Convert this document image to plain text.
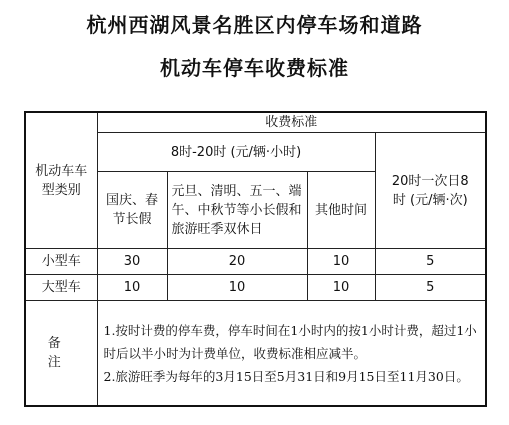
杭州西湖风景名胜区内停车场和道路
机动车停车收费标准
机动车车型类别	收费标准			
	8时-20时 (元/辆·小时)			20时一次日8时 (元/辆·次)
	国庆、春节长假	元旦、清明、五一、端午、中秋节等小长假和旅游旺季双休日	其他时间	
小型车	30	20	10	5
大型车	10	10	10	5
备 注	1.按时计费的停车费，停车时间在1小时内的按1小时计费，超过1小时后以半小时为计费单位，收费标准相应减半。

2.旅游旺季为每年的3月15日至5月31日和9月15日至11月30日。			
